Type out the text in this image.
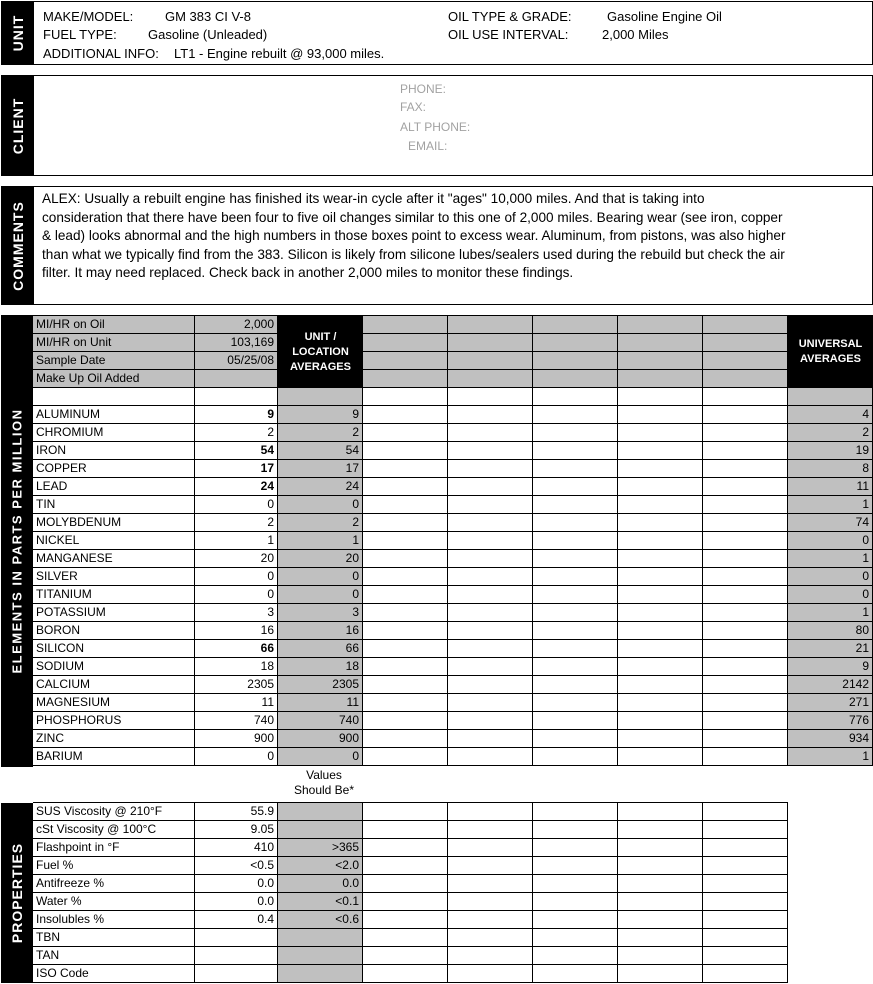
UNIT MAKE/MODEL: GM 383 CI V-8
FUEL TYPE: Gasoline (Unleaded)
ADDITIONAL INFO: LT1 - Engine rebuilt @ 93,000 miles.
OIL TYPE & GRADE:	Gasoline Engine Oil
OIL USE INTERVAL:	2,000 Miles
CLIENT
PHONE:
FAX:
ALT PHONE:
EMAIL:
COMMENTS
ALEX: Usually a rebuilt engine has finished its wear-in cycle after it "ages" 10,000 miles. And that is taking into consideration that there have been four to five oil changes similar to this one of 2,000 miles. Bearing wear (see iron, copper & lead) looks abnormal and the high numbers in those boxes point to excess wear. Aluminum, from pistons, was also higher than what we typically find from the 383. Silicon is likely from silicone lubes/sealers used during the rebuild but check the air filter. It may need replaced. Check back in another 2,000 miles to monitor these findings.
ELEMENTS IN PARTS PER MILLION
MI/HR on Oil	2,000
MI/HR on Unit	103,169
Sample Date	05/25/08
Make Up Oil Added
UNIT / LOCATION AVERAGES
UNIVERSAL AVERAGES
ALUMINUM	9	9	4
CHROMIUM	2	2	2
IRON	54	54	19
COPPER	17	17	8
LEAD	24	24	11
TIN	0	0	1
MOLYBDENUM	2	2	74
NICKEL	1	1	0
MANGANESE	20	20	1
SILVER	0	0	0
TITANIUM	0	0	0
POTASSIUM	3	3	1
BORON	16	16	80
SILICON	66	66	21
SODIUM	18	18	9
CALCIUM	2305	2305	2142
MAGNESIUM	11	11	271
PHOSPHORUS	740	740	776
ZINC	900	900	934
BARIUM	0	0	1
Values Should Be*
PROPERTIES
SUS Viscosity @ 210°F	55.9
cSt Viscosity @ 100°C	9.05
Flashpoint in °F	410	>365
Fuel %	<0.5	<2.0
Antifreeze %	0.0	0.0
Water %	0.0	<0.1
Insolubles %	0.4	<0.6
TBN
TAN
ISO Code
